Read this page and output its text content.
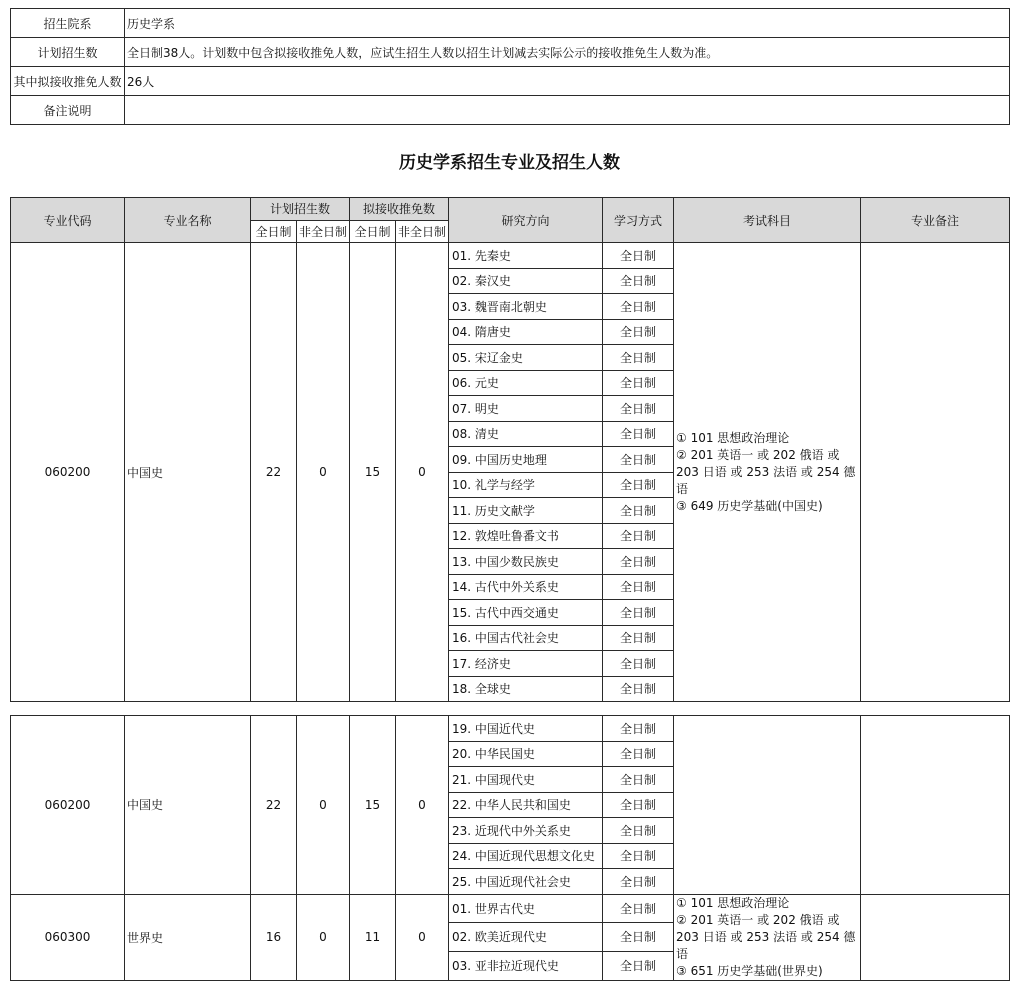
招生院系	历史学系
计划招生数	全日制38人。计划数中包含拟接收推免人数，应试生招生人数以招生计划减去实际公示的接收推免生人数为准。
其中拟接收推免人数	26人
备注说明	
历史学系招生专业及招生人数
专业代码	专业名称	计划招生数		拟接收推免数		研究方向	学习方式	考试科目	专业备注
		全日制	非全日制	全日制	非全日制				
060200	中国史	22	0	15	0	01. 先秦史	全日制	① 101 思想政治理论
② 201 英语一 或 202 俄语 或 203 日语 或 253 法语 或 254 德语
③ 649 历史学基础(中国史)	

						02. 秦汉史	全日制		
						03. 魏晋南北朝史	全日制		
						04. 隋唐史	全日制		
						05. 宋辽金史	全日制		
						06. 元史	全日制		
						07. 明史	全日制		
						08. 清史	全日制		
						09. 中国历史地理	全日制		
						10. 礼学与经学	全日制		
						11. 历史文献学	全日制		
						12. 敦煌吐鲁番文书	全日制		
						13. 中国少数民族史	全日制		
						14. 古代中外关系史	全日制		
						15. 古代中西交通史	全日制		
						16. 中国古代社会史	全日制		
						17. 经济史	全日制		
						18. 全球史	全日制		
060200	中国史	22	0	15	0	19. 中国近代史	全日制		
						20. 中华民国史	全日制		
						21. 中国现代史	全日制		
						22. 中华人民共和国史	全日制		
						23. 近现代中外关系史	全日制		
						24. 中国近现代思想文化史	全日制		
						25. 中国近现代社会史	全日制		
060300	世界史	16	0	11	0	01. 世界古代史	全日制	① 101 思想政治理论
② 201 英语一 或 202 俄语 或 203 日语 或 253 法语 或 254 德语
③ 651 历史学基础(世界史)	

						02. 欧美近现代史	全日制		
						03. 亚非拉近现代史	全日制		
